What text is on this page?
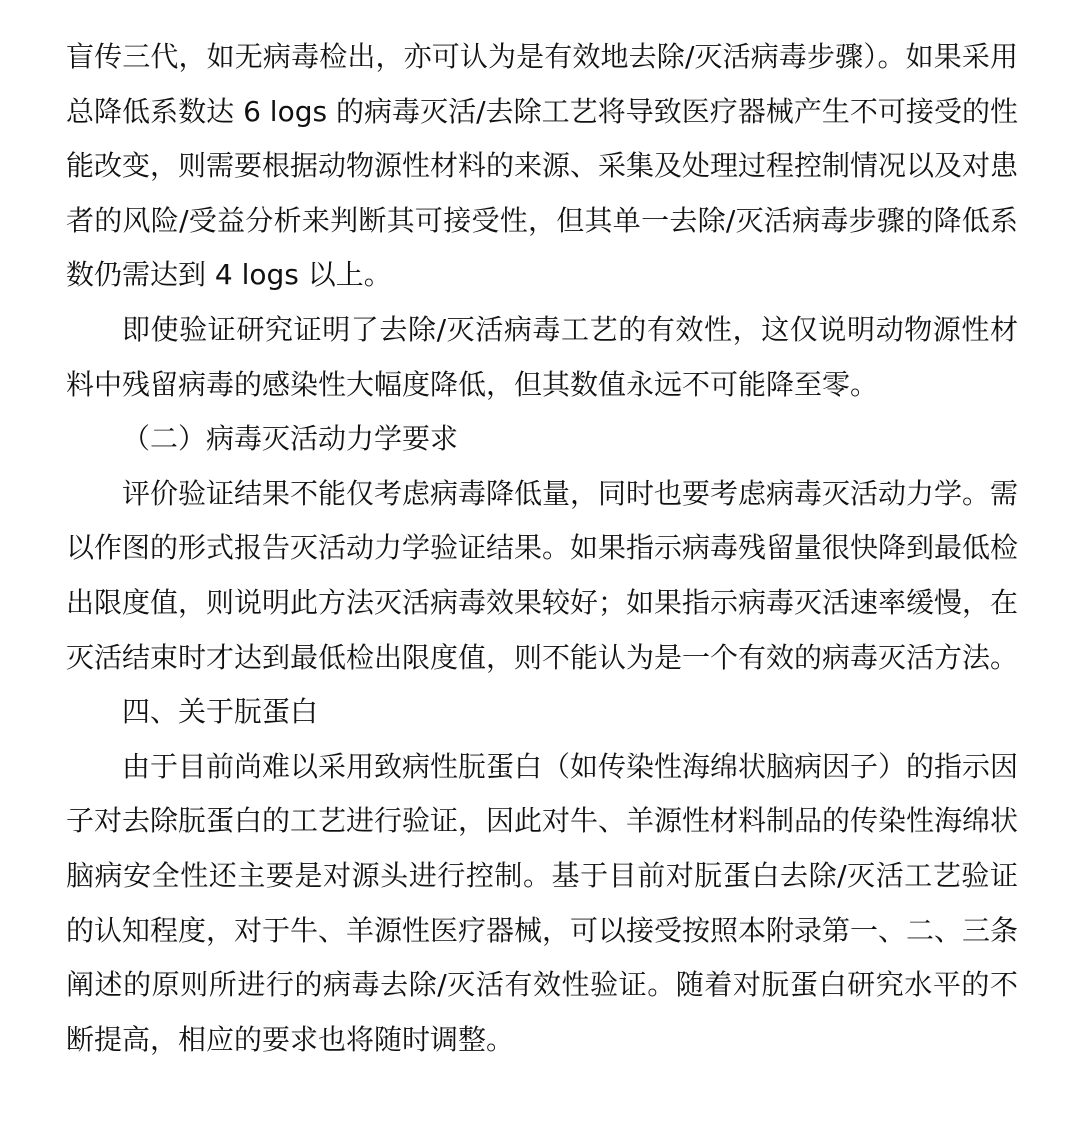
盲传三代，如无病毒检出，亦可认为是有效地去除/灭活病毒步骤）。如果采用总降低系数达 6 logs 的病毒灭活/去除工艺将导致医疗器械产生不可接受的性能改变，则需要根据动物源性材料的来源、采集及处理过程控制情况以及对患者的风险/受益分析来判断其可接受性，但其单一去除/灭活病毒步骤的降低系数仍需达到 4 logs 以上。

即使验证研究证明了去除/灭活病毒工艺的有效性，这仅说明动物源性材料中残留病毒的感染性大幅度降低，但其数值永远不可能降至零。

（二）病毒灭活动力学要求

评价验证结果不能仅考虑病毒降低量，同时也要考虑病毒灭活动力学。需以作图的形式报告灭活动力学验证结果。如果指示病毒残留量很快降到最低检出限度值，则说明此方法灭活病毒效果较好；如果指示病毒灭活速率缓慢，在灭活结束时才达到最低检出限度值，则不能认为是一个有效的病毒灭活方法。

四、关于朊蛋白

由于目前尚难以采用致病性朊蛋白（如传染性海绵状脑病因子）的指示因子对去除朊蛋白的工艺进行验证，因此对牛、羊源性材料制品的传染性海绵状脑病安全性还主要是对源头进行控制。基于目前对朊蛋白去除/灭活工艺验证的认知程度，对于牛、羊源性医疗器械，可以接受按照本附录第一、二、三条阐述的原则所进行的病毒去除/灭活有效性验证。随着对朊蛋白研究水平的不断提高，相应的要求也将随时调整。
